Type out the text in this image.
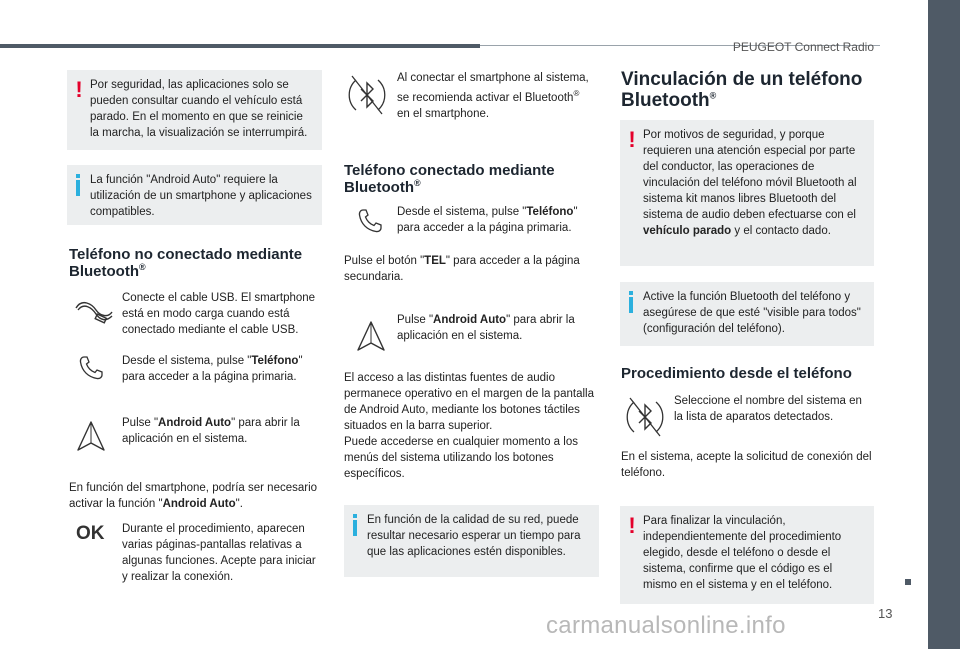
PEUGEOT Connect Radio
13
carmanualsonline.info
! Por seguridad, las aplicaciones solo se pueden consultar cuando el vehículo está parado. En el momento en que se reinicie la marcha, la visualización se interrumpirá.
La función "Android Auto" requiere la utilización de un smartphone y aplicaciones compatibles.
Teléfono no conectado mediante Bluetooth®
Conecte el cable USB. El smartphone está en modo carga cuando está conectado mediante el cable USB.
Desde el sistema, pulse "Teléfono" para acceder a la página primaria.
Pulse "Android Auto" para abrir la aplicación en el sistema.
En función del smartphone, podría ser necesario activar la función "Android Auto".
OK Durante el procedimiento, aparecen varias páginas-pantallas relativas a algunas funciones. Acepte para iniciar y realizar la conexión.
Al conectar el smartphone al sistema, se recomienda activar el Bluetooth® en el smartphone.
Teléfono conectado mediante Bluetooth®
Desde el sistema, pulse "Teléfono" para acceder a la página primaria.
Pulse el botón "TEL" para acceder a la página secundaria.
Pulse "Android Auto" para abrir la aplicación en el sistema.
El acceso a las distintas fuentes de audio permanece operativo en el margen de la pantalla de Android Auto, mediante los botones táctiles situados en la barra superior.
Puede accederse en cualquier momento a los menús del sistema utilizando los botones específicos.
En función de la calidad de su red, puede resultar necesario esperar un tiempo para que las aplicaciones estén disponibles.
Vinculación de un teléfono Bluetooth®
! Por motivos de seguridad, y porque requieren una atención especial por parte del conductor, las operaciones de vinculación del teléfono móvil Bluetooth al sistema kit manos libres Bluetooth del sistema de audio deben efectuarse con el vehículo parado y el contacto dado.
Active la función Bluetooth del teléfono y asegúrese de que esté "visible para todos" (configuración del teléfono).
Procedimiento desde el teléfono
Seleccione el nombre del sistema en la lista de aparatos detectados.
En el sistema, acepte la solicitud de conexión del teléfono.
! Para finalizar la vinculación, independientemente del procedimiento elegido, desde el teléfono o desde el sistema, confirme que el código es el mismo en el sistema y en el teléfono.
